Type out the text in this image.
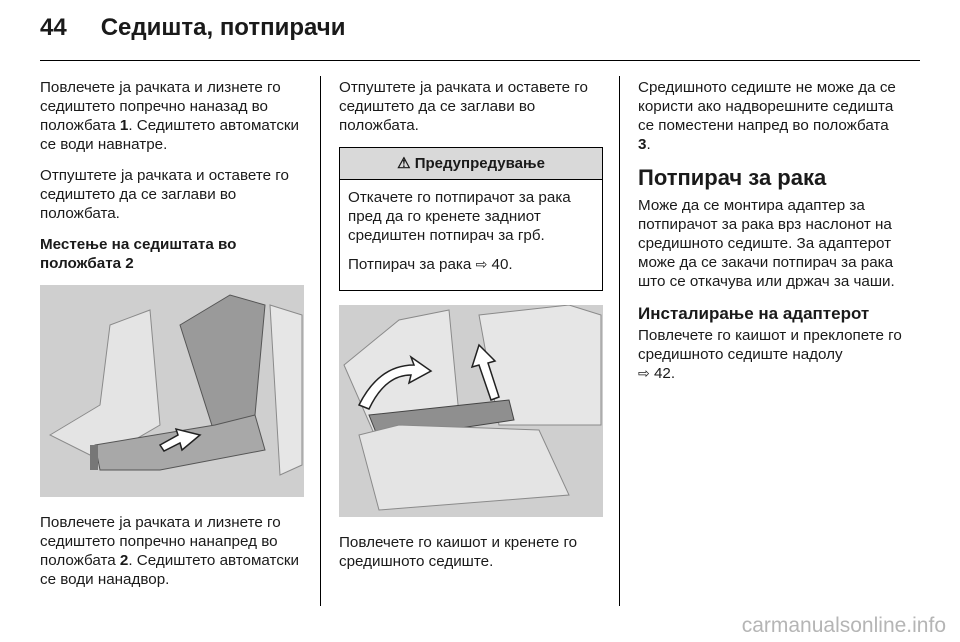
44 Седишта, потпирачи

Повлечете ја рачката и лизнете го седиштето попречно наназад во положбата 1. Седиштето автоматски се води навнатре.

Отпуштете ја рачката и оставете го седиштето да се заглави во положбата.

Местење на седиштата во положбата 2

Повлечете ја рачката и лизнете го седиштето попречно нанапред во положбата 2. Седиштето автоматски се води нанадвор.

Отпуштете ја рачката и оставете го седиштето да се заглави во положбата.

⚠ Предупредување

Откачете го потпирачот за рака пред да го кренете задниот средиштен потпирач за грб.

Потпирач за рака ⇨ 40.

Повлечете го каишот и кренете го средишното седиште.

Средишното седиште не може да се користи ако надворешните седишта се поместени напред во положбата 3.

Потпирач за рака

Може да се монтира адаптер за потпирачот за рака врз наслонот на средишното седиште. За адаптерот може да се закачи потпирач за рака што се откачува или држач за чаши.

Инсталирање на адаптерот

Повлечете го каишот и преклопете го средишното седиште надолу
⇨ 42.

carmanualsonline.info
